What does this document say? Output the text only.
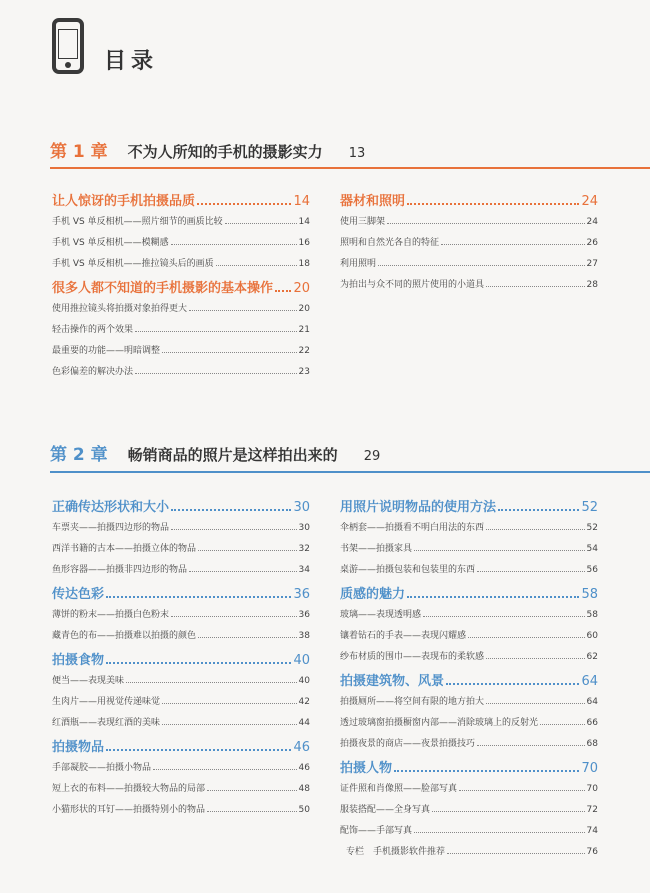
目录
第 1 章 不为人所知的手机的摄影实力 13
让人惊讶的手机拍摄品质	14
手机 VS 单反相机——照片细节的画质比较	14
手机 VS 单反相机——模糊感	16
手机 VS 单反相机——推拉镜头后的画质	18
很多人都不知道的手机摄影的基本操作 20
使用推拉镜头将拍摄对象拍得更大	20
轻击操作的两个效果	21
最重要的功能——明暗调整	22
色彩偏差的解决办法	23
器材和照明	24
使用三脚架	24
照明和自然光各自的特征	26
利用照明	27
为拍出与众不同的照片使用的小道具	28
第 2 章 畅销商品的照片是这样拍出来的 29
正确传达形状和大小	30
车票夹——拍摄四边形的物品	30
西洋书籍的古本——拍摄立体的物品	32
鱼形容器——拍摄非四边形的物品	34
传达色彩	36
薄饼的粉末——拍摄白色粉末	36
藏青色的布——拍摄难以拍摄的颜色	38
拍摄食物	40
便当——表现美味	40
生肉片——用视觉传递味觉	42
红酒瓶——表现红酒的美味	44
拍摄物品	46
手部凝胶——拍摄小物品	46
短上衣的布料——拍摄较大物品的局部	48
小猫形状的耳钉——拍摄特别小的物品	50
用照片说明物品的使用方法	52
伞柄套——拍摄看不明白用法的东西	52
书架——拍摄家具	54
桌游——拍摄包装和包装里的东西	56
质感的魅力	58
玻璃——表现透明感	58
镶着钻石的手表——表现闪耀感	60
纱布材质的围巾——表现布的柔软感	62
拍摄建筑物、风景	64
拍摄厕所——将空间有限的地方拍大	64
透过玻璃窗拍摄橱窗内部——消除玻璃上的反射光	66
拍摄夜景的商店——夜景拍摄技巧	68
拍摄人物	70
证件照和肖像照——脸部写真	70
服装搭配——全身写真	72
配饰——手部写真	74
专栏　手机摄影软件推荐	76
